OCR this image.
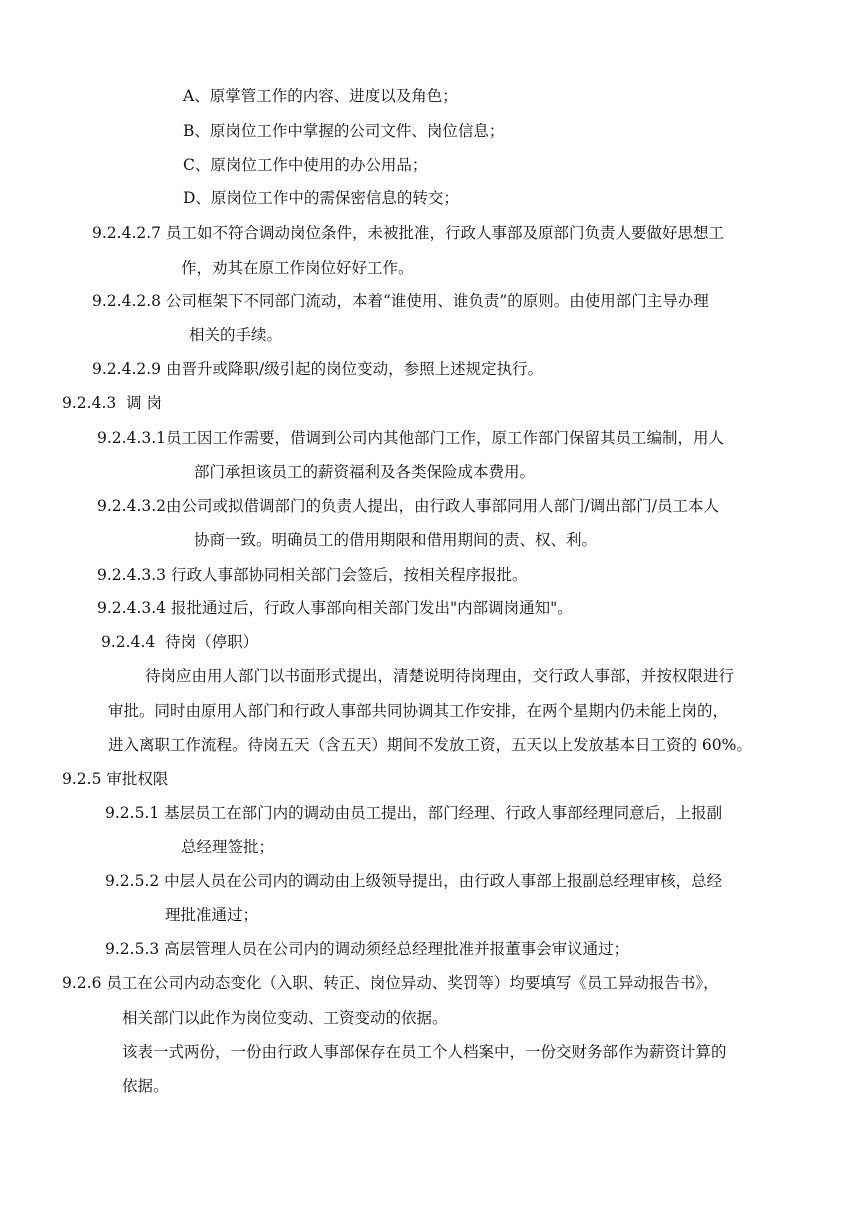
A、原掌管工作的内容、进度以及角色；
B、原岗位工作中掌握的公司文件、岗位信息；
C、原岗位工作中使用的办公用品；
D、原岗位工作中的需保密信息的转交；
9.2.4.2.7 员工如不符合调动岗位条件，未被批准，行政人事部及原部门负责人要做好思想工
作，劝其在原工作岗位好好工作。
9.2.4.2.8 公司框架下不同部门流动，本着“谁使用、谁负责”的原则。由使用部门主导办理
相关的手续。
9.2.4.2.9 由晋升或降职/级引起的岗位变动，参照上述规定执行。
9.2.4.3  调 岗
9.2.4.3.1员工因工作需要，借调到公司内其他部门工作，原工作部门保留其员工编制，用人
部门承担该员工的薪资福利及各类保险成本费用。
9.2.4.3.2由公司或拟借调部门的负责人提出，由行政人事部同用人部门/调出部门/员工本人
协商一致。明确员工的借用期限和借用期间的责、权、利。
9.2.4.3.3 行政人事部协同相关部门会签后，按相关程序报批。
9.2.4.3.4 报批通过后，行政人事部向相关部门发出"内部调岗通知"。
9.2.4.4  待岗（停职）
待岗应由用人部门以书面形式提出，清楚说明待岗理由，交行政人事部，并按权限进行
审批。同时由原用人部门和行政人事部共同协调其工作安排，在两个星期内仍未能上岗的，
进入离职工作流程。待岗五天（含五天）期间不发放工资，五天以上发放基本日工资的 60%。
9.2.5 审批权限
9.2.5.1 基层员工在部门内的调动由员工提出，部门经理、行政人事部经理同意后，上报副
总经理签批；
9.2.5.2 中层人员在公司内的调动由上级领导提出，由行政人事部上报副总经理审核，总经
理批准通过；
9.2.5.3 高层管理人员在公司内的调动须经总经理批准并报董事会审议通过；
9.2.6 员工在公司内动态变化（入职、转正、岗位异动、奖罚等）均要填写《员工异动报告书》，
相关部门以此作为岗位变动、工资变动的依据。
该表一式两份，一份由行政人事部保存在员工个人档案中，一份交财务部作为薪资计算的
依据。
